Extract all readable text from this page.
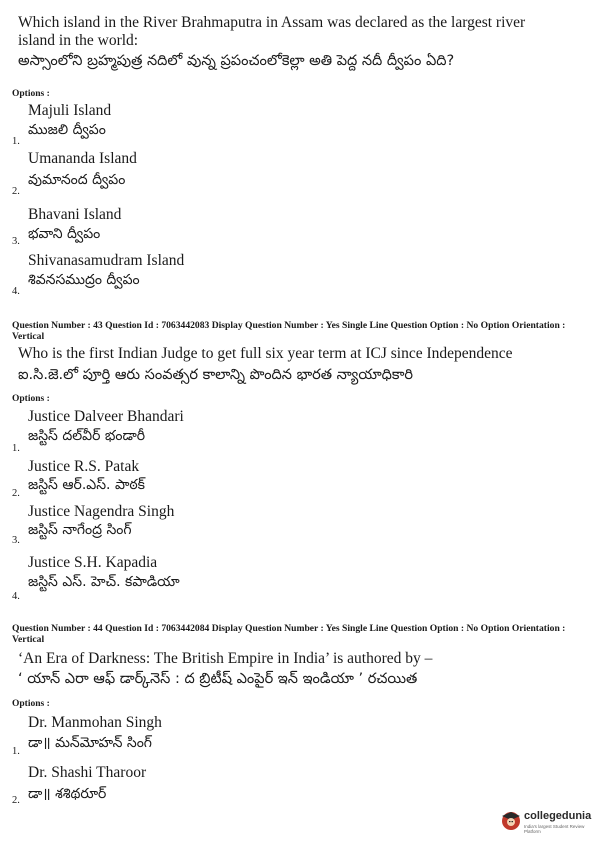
Which island in the River Brahmaputra in Assam was declared as the largest river
island in the world:
అస్సాంలోని బ్రహ్మపుత్ర నదిలో వున్న ప్రపంచంలోకెల్లా అతి పెద్ద నదీ ద్వీపం ఏది?
Options :
Majuli Island
ముజలి ద్వీపం
1.
Umananda Island
వుమానంద ద్వీపం
2.
Bhavani Island
భవాని ద్వీపం
3.
Shivanasamudram Island
శివనసముద్రం ద్వీపం
4.
Question Number : 43 Question Id : 7063442083 Display Question Number : Yes Single Line Question Option : No Option Orientation : Vertical
Who is the first Indian Judge to get full six year term at ICJ since Independence
ఐ.సి.జె.లో పూర్తి ఆరు సంవత్సర కాలాన్ని పొందిన భారత న్యాయాధికారి
Options :
Justice Dalveer Bhandari
జస్టిస్ దల్‌వీర్ భండారీ
1.
Justice R.S. Patak
జస్టిస్ ఆర్.ఎస్. పాఠక్
2.
Justice Nagendra Singh
జస్టిస్ నాగేంద్ర సింగ్
3.
Justice S.H. Kapadia
జస్టిస్ ఎస్. హెచ్. కపాడియా
4.
Question Number : 44 Question Id : 7063442084 Display Question Number : Yes Single Line Question Option : No Option Orientation : Vertical
‘An Era of Darkness: The British Empire in India’ is authored by –
‘ యాన్ ఎరా ఆఫ్ డార్క్‌నెస్ : ద బ్రిటీష్ ఎంపైర్ ఇన్ ఇండియా ’ రచయిత
Options :
Dr. Manmohan Singh
డా॥ మన్‌మోహన్ సింగ్
1.
Dr. Shashi Tharoor
డా॥ శశిథరూర్
2.
collegedunia
India's largest Student Review Platform
